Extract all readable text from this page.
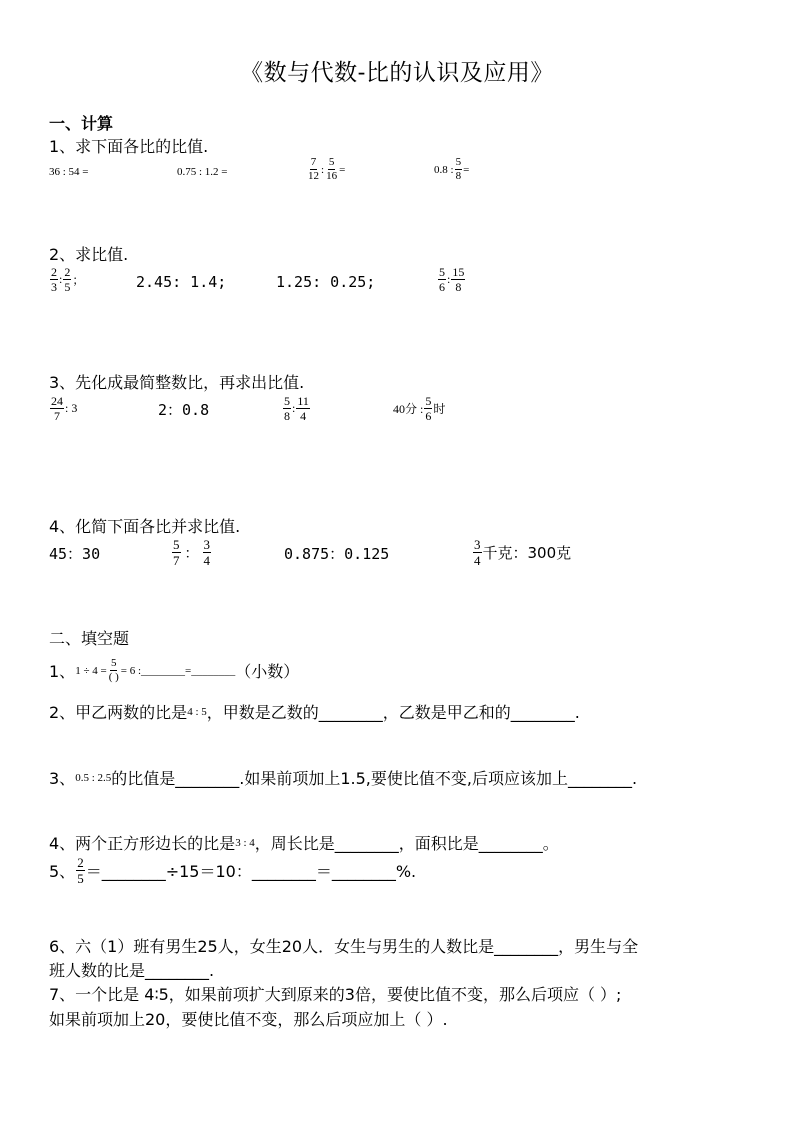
《数与代数-比的认识及应用》
一、计算
1、求下面各比的比值.
36 : 54 =	0.75 : 1.2 =	$\frac{7}{12}$ : $\frac{5}{16}$ =	0.8 : $\frac{5}{8}$ =
2、求比值.
$\frac{2}{3}$ : $\frac{2}{5}$ ；	2.45: 1.4;	1.25: 0.25;	$\frac{5}{6}$ : $\frac{15}{8}$
3、先化成最简整数比，再求出比值.
$\frac{24}{7}$ : 3	2：0.8	$\frac{5}{8}$ : $\frac{11}{4}$	40分 : $\frac{5}{6}$ 时
4、化简下面各比并求比值.
45：30	$\frac{5}{7}$ ： $\frac{3}{4}$	0.875：0.125	$\frac{3}{4}$ 千克：300克
二、填空题
1、 $1 \div 4 = \frac{5}{( )} = 6$ :________=________ （小数）
2、甲乙两数的比是 4 : 5 ，甲数是乙数的________，乙数是甲乙和的________.
3、 0.5 : 2.5 的比值是________.如果前项加上1.5,要使比值不变,后项应该加上________.
4、两个正方形边长的比是 3 : 4 ，周长比是________，面积比是________。
5、 $\frac{2}{5}$ ＝________÷15＝10：________＝________%.
6、六（1）班有男生25人，女生20人．女生与男生的人数比是________，男生与全
班人数的比是________.
7、一个比是 4∶5，如果前项扩大到原来的3倍，要使比值不变，那么后项应（ ）;
如果前项加上20，要使比值不变，那么后项应加上（ ）.
